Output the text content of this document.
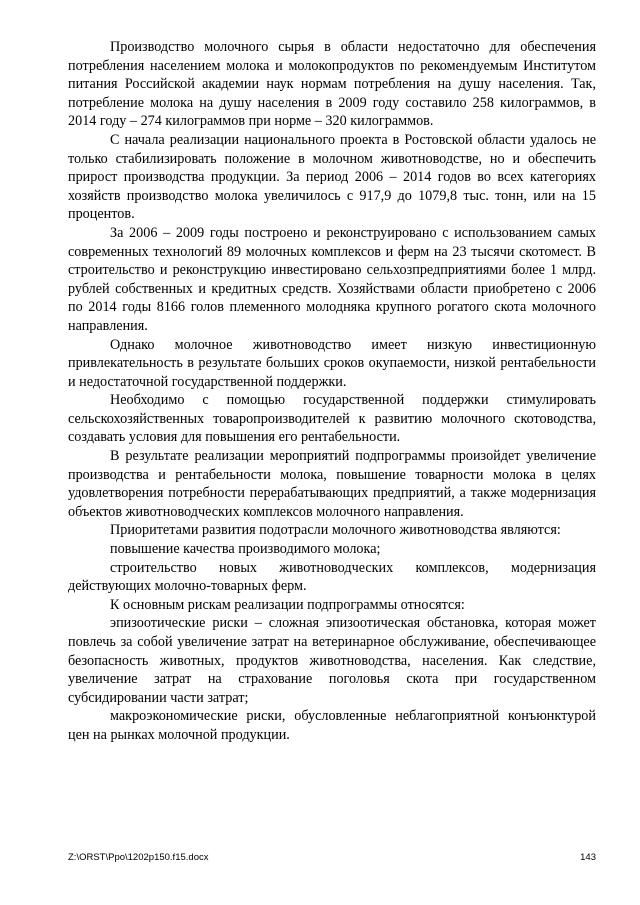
Производство молочного сырья в области недостаточно для обеспечения потребления населением молока и молокопродуктов по рекомендуемым Институтом питания Российской академии наук нормам потребления на душу населения. Так, потребление молока на душу населения в 2009 году составило 258 килограммов, в 2014 году – 274 килограммов при норме – 320 килограммов.

С начала реализации национального проекта в Ростовской области удалось не только стабилизировать положение в молочном животноводстве, но и обеспечить прирост производства продукции. За период 2006 – 2014 годов во всех категориях хозяйств производство молока увеличилось с 917,9 до 1079,8 тыс. тонн, или на 15 процентов.

За 2006 – 2009 годы построено и реконструировано с использованием самых современных технологий 89 молочных комплексов и ферм на 23 тысячи скотомест. В строительство и реконструкцию инвестировано сельхозпредприятиями более 1 млрд. рублей собственных и кредитных средств. Хозяйствами области приобретено с 2006 по 2014 годы 8166 голов племенного молодняка крупного рогатого скота молочного направления.

Однако молочное животноводство имеет низкую инвестиционную привлекательность в результате больших сроков окупаемости, низкой рентабельности и недостаточной государственной поддержки.

Необходимо с помощью государственной поддержки стимулировать сельскохозяйственных товаропроизводителей к развитию молочного скотоводства, создавать условия для повышения его рентабельности.

В результате реализации мероприятий подпрограммы произойдет увеличение производства и рентабельности молока, повышение товарности молока в целях удовлетворения потребности перерабатывающих предприятий, а также модернизация объектов животноводческих комплексов молочного направления.

Приоритетами развития подотрасли молочного животноводства являются:

повышение качества производимого молока;

строительство новых животноводческих комплексов, модернизация действующих молочно-товарных ферм.

К основным рискам реализации подпрограммы относятся:

эпизоотические риски – сложная эпизоотическая обстановка, которая может повлечь за собой увеличение затрат на ветеринарное обслуживание, обеспечивающее безопасность животных, продуктов животноводства, населения. Как следствие, увеличение затрат на страхование поголовья скота при государственном субсидировании части затрат;

макроэкономические риски, обусловленные неблагоприятной конъюнктурой цен на рынках молочной продукции.

Z:\ORST\Ppo\1202p150.f15.docx	143
